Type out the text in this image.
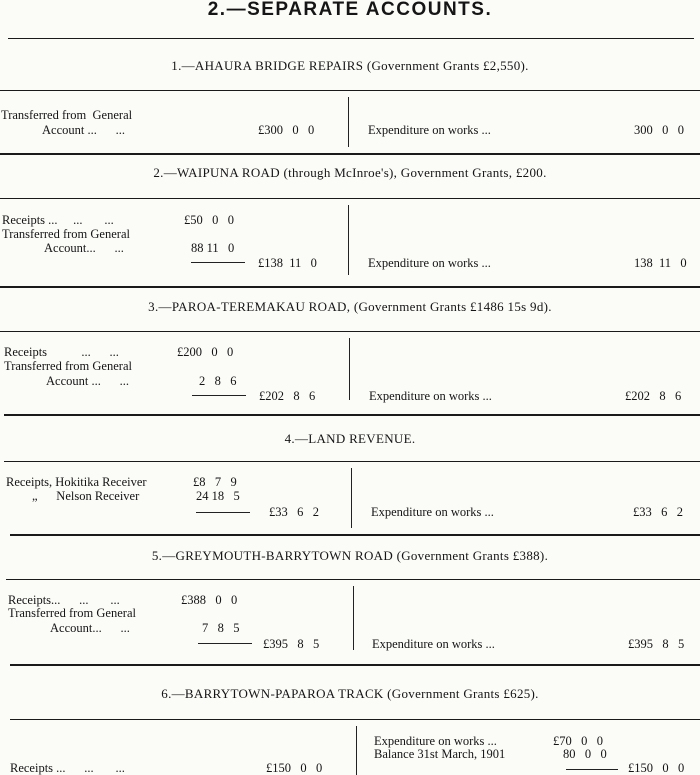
2.—SEPARATE ACCOUNTS.
1.—AHAURA BRIDGE REPAIRS (Government Grants £2,550).
Transferred from  General
Account ...      ...	£300   0   0	Expenditure on works ...	300   0   0
2.—WAIPUNA ROAD (through McInroe's), Government Grants, £200.
Receipts ...     ...       ...	£50   0   0
Transferred from General
Account...      ...	88 11   0
£138  11   0	Expenditure on works ...	138  11   0
3.—PAROA-TEREMAKAU ROAD, (Government Grants £1486 15s 9d).
Receipts           ...      ...	£200   0   0
Transferred from General
Account ...      ...	2   8   6
£202   8   6	Expenditure on works ...	£202   8   6
4.—LAND REVENUE.
Receipts, Hokitika Receiver	£8   7   9
„      Nelson Receiver	24 18   5
£33   6   2	Expenditure on works ...	£33   6   2
5.—GREYMOUTH-BARRYTOWN ROAD (Government Grants £388).
Receipts...      ...       ...	£388   0   0
Transferred from General
Account...      ...	7   8   5
£395   8   5	Expenditure on works ...	£395   8   5
6.—BARRYTOWN-PAPAROA TRACK (Government Grants £625).
Receipts ...      ...       ...	£150   0   0
Expenditure on works ...	£70   0   0
Balance 31st March, 1901	80   0   0
£150   0   0
